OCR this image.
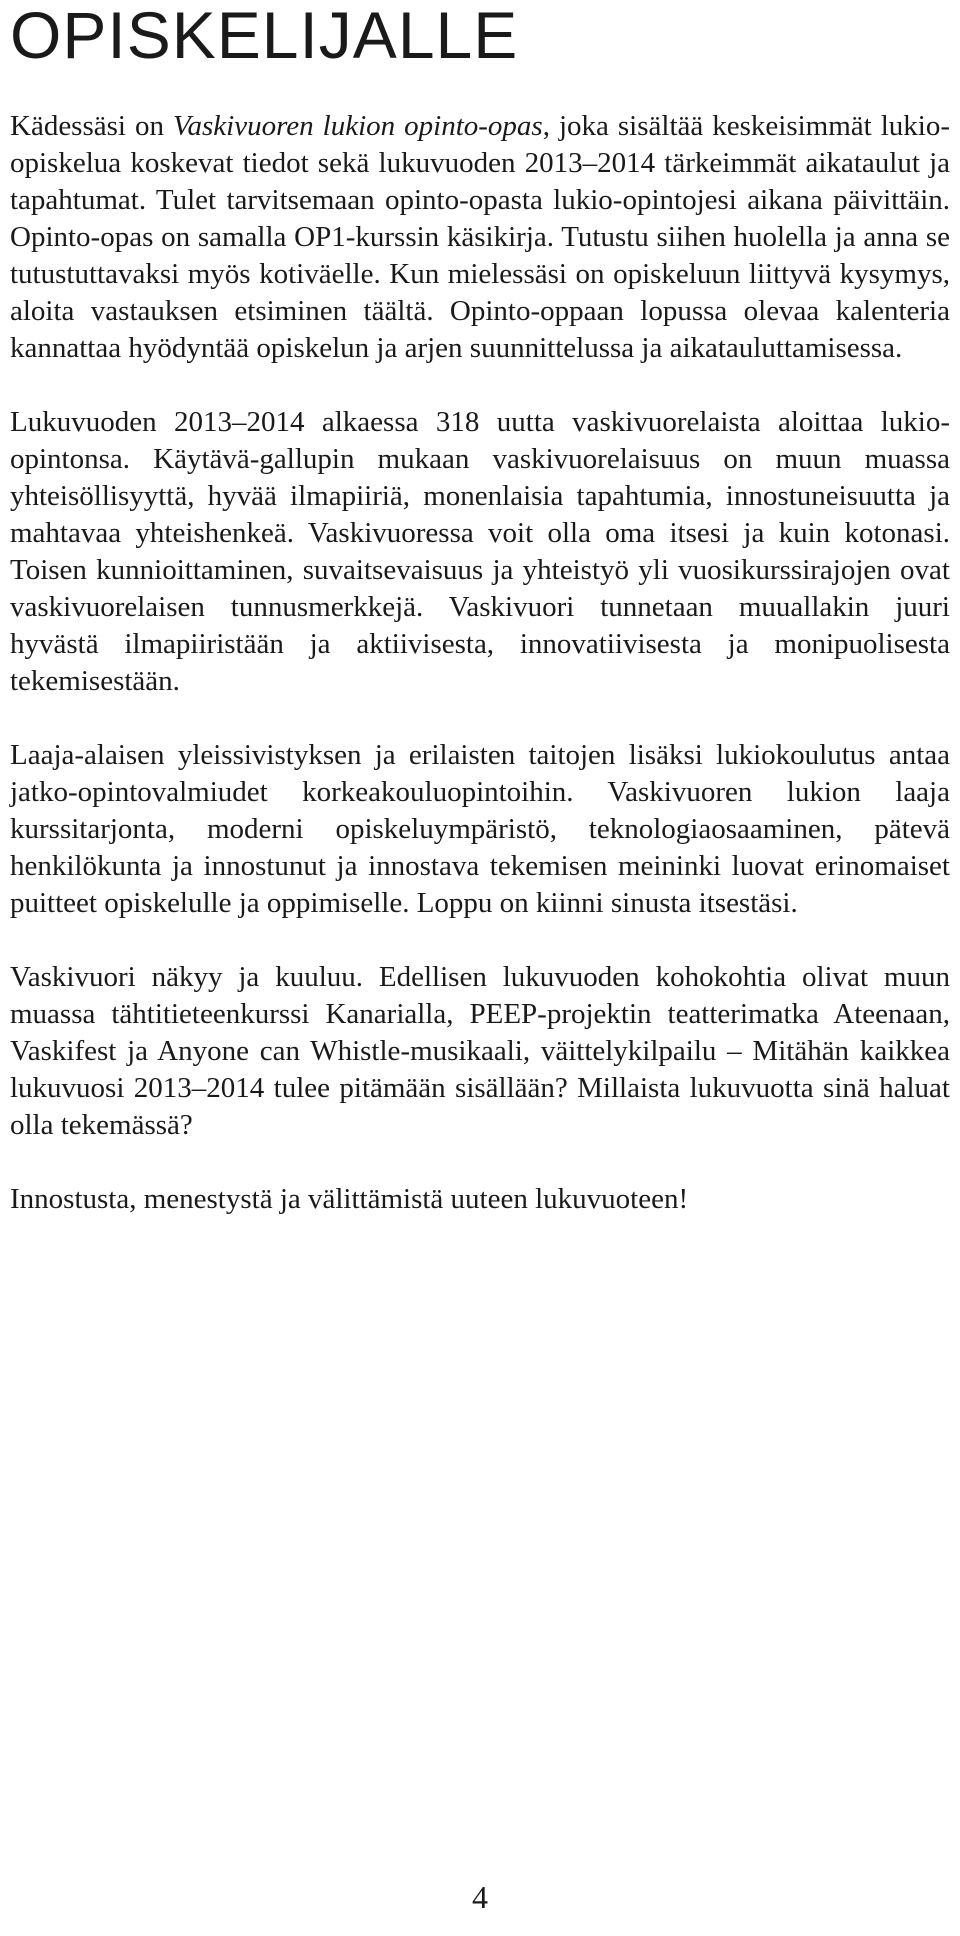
OPISKELIJALLE

Kädessäsi on Vaskivuoren lukion opinto-opas, joka sisältää keskeisimmät lukio-opiskelua koskevat tiedot sekä lukuvuoden 2013–2014 tärkeimmät aikataulut ja tapahtumat. Tulet tarvitsemaan opinto-opasta lukio-opintojesi aikana päivittäin. Opinto-opas on samalla OP1-kurssin käsikirja. Tutustu siihen huolella ja anna se tutustuttavaksi myös kotiväelle. Kun mielessäsi on opiskeluun liittyvä kysymys, aloita vastauksen etsiminen täältä. Opinto-oppaan lopussa olevaa kalenteria kannattaa hyödyntää opiskelun ja arjen suunnittelussa ja aikatauluttamisessa.

Lukuvuoden 2013–2014 alkaessa 318 uutta vaskivuorelaista aloittaa lukio-opintonsa. Käytävä-gallupin mukaan vaskivuorelaisuus on muun muassa yhteisöllisyyttä, hyvää ilmapiiriä, monenlaisia tapahtumia, innostuneisuutta ja mahtavaa yhteishenkeä. Vaskivuoressa voit olla oma itsesi ja kuin kotonasi. Toisen kunnioittaminen, suvaitsevaisuus ja yhteistyö yli vuosikurssirajojen ovat vaskivuorelaisen tunnusmerkkejä. Vaskivuori tunnetaan muuallakin juuri hyvästä ilmapiiristään ja aktiivisesta, innovatiivisesta ja monipuolisesta tekemisestään.

Laaja-alaisen yleissivistyksen ja erilaisten taitojen lisäksi lukiokoulutus antaa jatko-opintovalmiudet korkeakouluopintoihin. Vaskivuoren lukion laaja kurssitarjonta, moderni opiskeluympäristö, teknologiaosaaminen, pätevä henkilökunta ja innostunut ja innostava tekemisen meininki luovat erinomaiset puitteet opiskelulle ja oppimiselle. Loppu on kiinni sinusta itsestäsi.

Vaskivuori näkyy ja kuuluu. Edellisen lukuvuoden kohokohtia olivat muun muassa tähtitieteenkurssi Kanarialla, PEEP-projektin teatterimatka Ateenaan, Vaskifest ja Anyone can Whistle-musikaali, väittelykilpailu – Mitähän kaikkea lukuvuosi 2013–2014 tulee pitämään sisällään? Millaista lukuvuotta sinä haluat olla tekemässä?

Innostusta, menestystä ja välittämistä uuteen lukuvuoteen!

4
